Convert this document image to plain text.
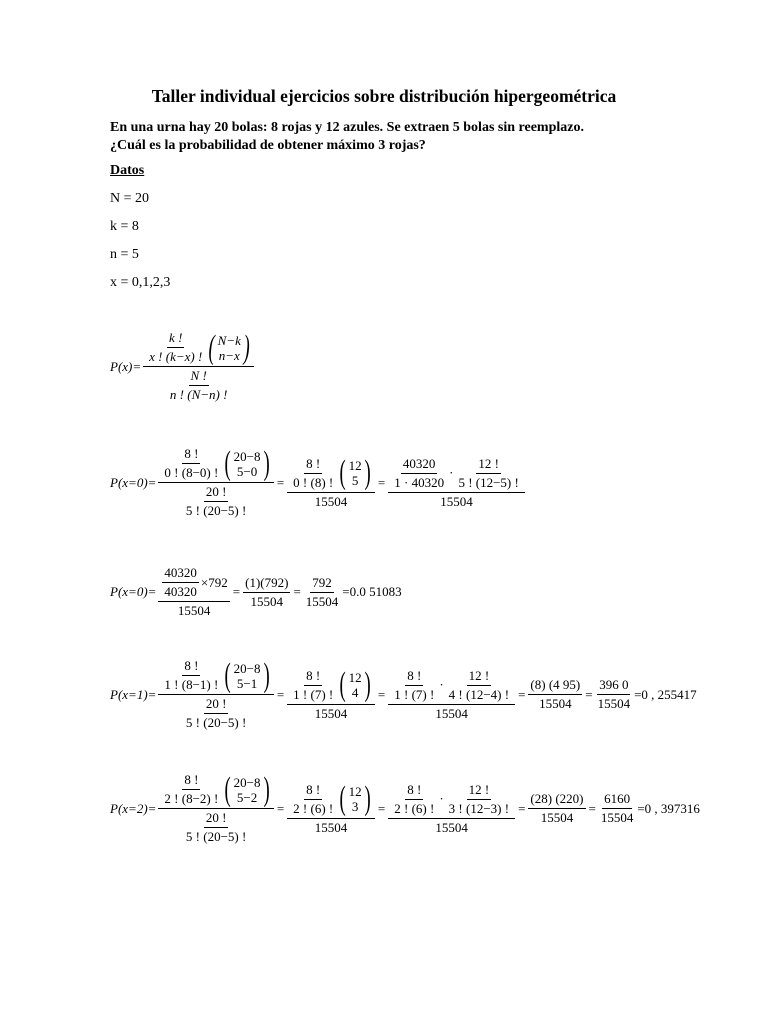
Taller individual ejercicios sobre distribución hipergeométrica
En una urna hay 20 bolas: 8 rojas y 12 azules. Se extraen 5 bolas sin reemplazo.
¿Cuál es la probabilidad de obtener máximo 3 rojas?
Datos
N = 20
k = 8
n = 5
x = 0,1,2,3
$P(x)= \frac{k !}{x ! (k-x) !}$ ( N−k
n−x )
$\frac{N !}{n ! (N-n) !}$
$P(x=0)= \frac{8 !}{0 ! (8-0) !}$ ( 20−8
5−0 )
$\frac{20 !}{5 ! (20-5) !} = \frac{8 !}{0 ! (8) !}$ ( 12
5 )
$15504 = \frac{\frac{40320}{1 \cdot 40320} \cdot \frac{12 !}{5 ! (12-5) !}}{15504}$
$P(x=0)= \frac{\frac{40320}{40320} \times 792}{15504} = \frac{(1)(792)}{15504} = \frac{792}{15504} =0.0$ 51083
$P(x=1)= \frac{8 !}{1 ! (8-1) !}$ ( 20−8
5−1 )
$\frac{20 !}{5 ! (20-5) !} = \frac{8 !}{1 ! (7) !}$ ( 12
4 )
$15504 = \frac{\frac{8 !}{1 ! (7) !} \cdot \frac{12 !}{4 ! (12-4) !}}{15504} = \frac{(8) (4 95)}{15504} = \frac{396 0}{15504} =0$ , 255417
$P(x=2)= \frac{8 !}{2 ! (8-2) !}$ ( 20−8
5−2 )
$\frac{20 !}{5 ! (20-5) !} = \frac{8 !}{2 ! (6) !}$ ( 12
3 )
$15504 = \frac{\frac{8 !}{2 ! (6) !} \cdot \frac{12 !}{3 ! (12-3) !}}{15504} = \frac{(28) (220)}{15504} = \frac{6160}{15504} =0$ , 397316
